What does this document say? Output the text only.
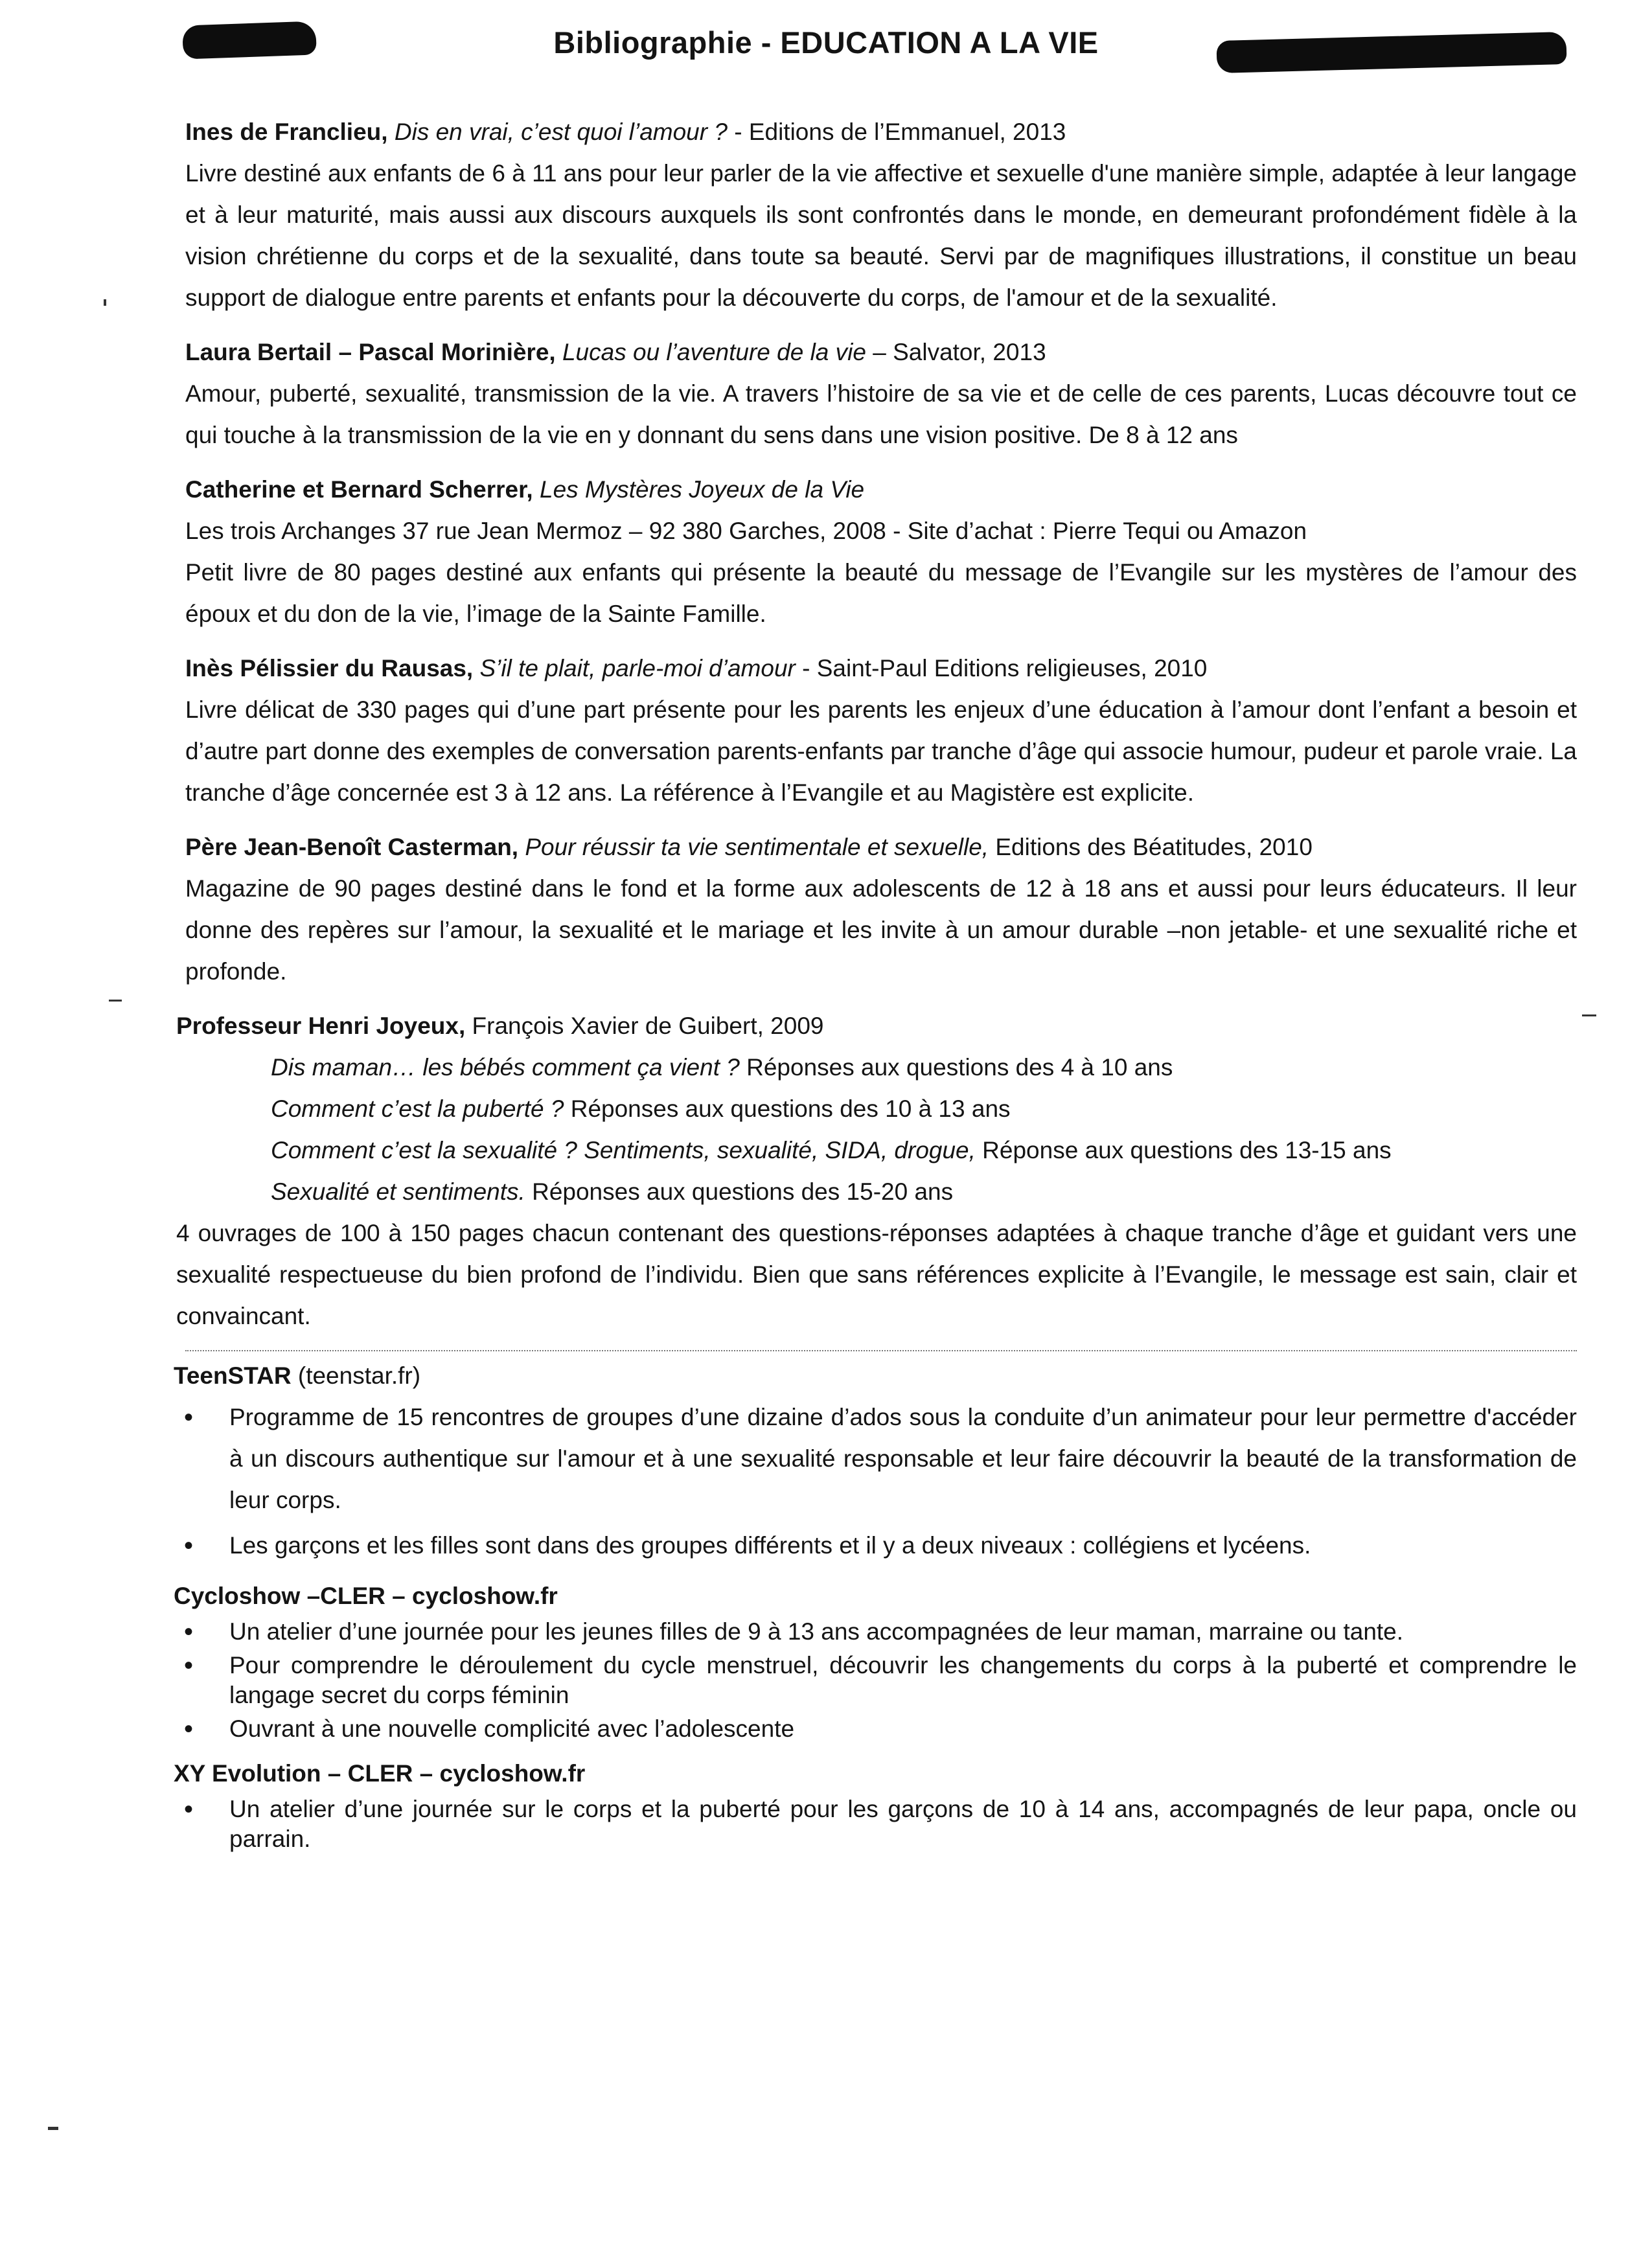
Bibliographie - EDUCATION A LA VIE
Ines de Franclieu, Dis en vrai, c’est quoi l’amour ? - Editions de l’Emmanuel, 2013
Livre destiné aux enfants de 6 à 11 ans pour leur parler de la vie affective et sexuelle d'une manière simple, adaptée à leur langage et à leur maturité, mais aussi aux discours auxquels ils sont confrontés dans le monde, en demeurant profondément fidèle à la vision chrétienne du corps et de la sexualité, dans toute sa beauté. Servi par de magnifiques illustrations, il constitue un beau support de dialogue entre parents et enfants pour la découverte du corps, de l'amour et de la sexualité.
Laura Bertail – Pascal Morinière, Lucas ou l’aventure de la vie – Salvator, 2013
Amour, puberté, sexualité, transmission de la vie. A travers l’histoire de sa vie et de celle de ces parents, Lucas découvre tout ce qui touche à la transmission de la vie en y donnant du sens dans une vision positive. De 8 à 12 ans
Catherine et Bernard Scherrer, Les Mystères Joyeux de la Vie
Les trois Archanges 37 rue Jean Mermoz – 92 380 Garches, 2008 - Site d’achat : Pierre Tequi ou Amazon
Petit livre de 80 pages destiné aux enfants qui présente la beauté du message de l’Evangile sur les mystères de l’amour des époux et du don de la vie, l’image de la Sainte Famille.
Inès Pélissier du Rausas, S’il te plait, parle-moi d’amour - Saint-Paul Editions religieuses, 2010
Livre délicat de 330 pages qui d’une part présente pour les parents les enjeux d’une éducation à l’amour dont l’enfant a besoin et d’autre part donne des exemples de conversation parents-enfants par tranche d’âge qui associe humour, pudeur et parole vraie. La tranche d’âge concernée est 3 à 12 ans. La référence à l’Evangile et au Magistère est explicite.
Père Jean-Benoît Casterman, Pour réussir ta vie sentimentale et sexuelle, Editions des Béatitudes, 2010
Magazine de 90 pages destiné dans le fond et la forme aux adolescents de 12 à 18 ans et aussi pour leurs éducateurs. Il leur donne des repères sur l’amour, la sexualité et le mariage et les invite à un amour durable –non jetable- et une sexualité riche et profonde.
Professeur Henri Joyeux, François Xavier de Guibert, 2009
Dis maman… les bébés comment ça vient ? Réponses aux questions des 4 à 10 ans
Comment c’est la puberté ? Réponses aux questions des 10 à 13 ans
Comment c’est la sexualité ? Sentiments, sexualité, SIDA, drogue, Réponse aux questions des 13-15 ans
Sexualité et sentiments. Réponses aux questions des 15-20 ans
4 ouvrages de 100 à 150 pages chacun contenant des questions-réponses adaptées à chaque tranche d’âge et guidant vers une sexualité respectueuse du bien profond de l’individu. Bien que sans références explicite à l’Evangile, le message est sain, clair et convaincant.
TeenSTAR (teenstar.fr)
• Programme de 15 rencontres de groupes d’une dizaine d’ados sous la conduite d’un animateur pour leur permettre d'accéder à un discours authentique sur l'amour et à une sexualité responsable et leur faire découvrir la beauté de la transformation de leur corps.
• Les garçons et les filles sont dans des groupes différents et il y a deux niveaux : collégiens et lycéens.
Cycloshow –CLER – cycloshow.fr
• Un atelier d’une journée pour les jeunes filles de 9 à 13 ans accompagnées de leur maman, marraine ou tante.
• Pour comprendre le déroulement du cycle menstruel, découvrir les changements du corps à la puberté et comprendre le langage secret du corps féminin
• Ouvrant à une nouvelle complicité avec l’adolescente
XY Evolution – CLER – cycloshow.fr
• Un atelier d’une journée sur le corps et la puberté pour les garçons de 10 à 14 ans, accompagnés de leur papa, oncle ou parrain.
